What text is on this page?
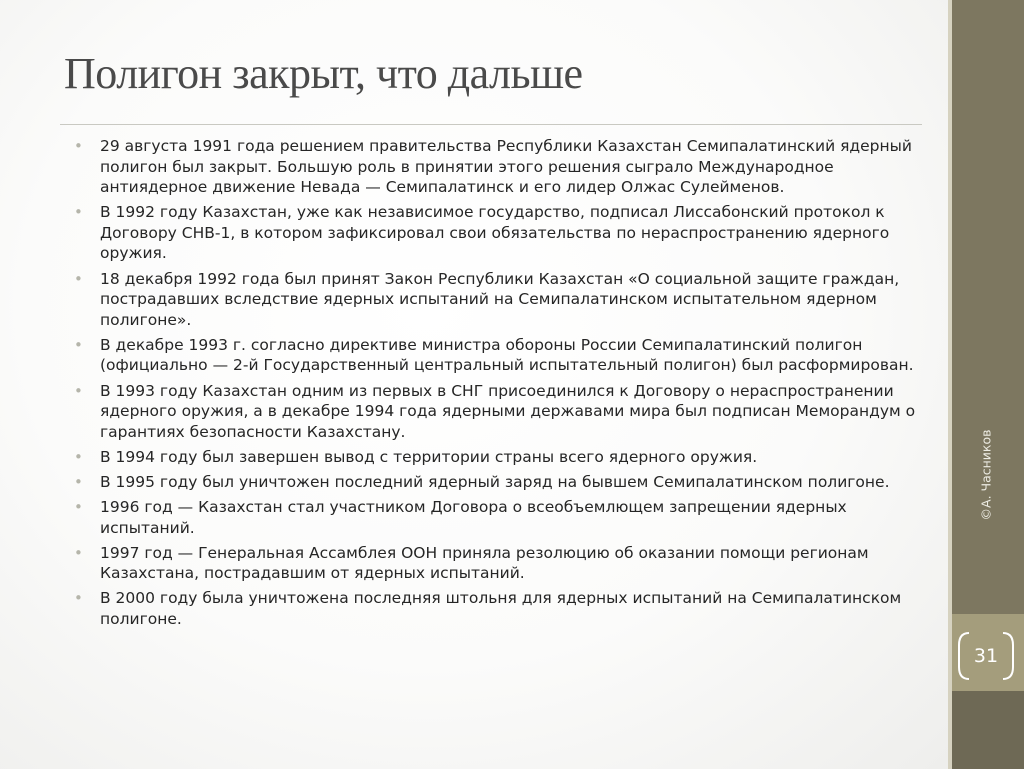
Полигон закрыт, что дальше
• 29 августа 1991 года решением правительства Республики Казахстан Семипалатинский ядерный полигон был закрыт. Большую роль в принятии этого решения сыграло Международное антиядерное движение Невада — Семипалатинск и его лидер Олжас Сулейменов.
• В 1992 году Казахстан, уже как независимое государство, подписал Лиссабонский протокол к Договору СНВ-1, в котором зафиксировал свои обязательства по нераспространению ядерного оружия.
• 18 декабря 1992 года был принят Закон Республики Казахстан «О социальной защите граждан, пострадавших вследствие ядерных испытаний на Семипалатинском испытательном ядерном полигоне».
• В декабре 1993 г. согласно директиве министра обороны России Семипалатинский полигон (официально — 2-й Государственный центральный испытательный полигон) был расформирован.
• В 1993 году Казахстан одним из первых в СНГ присоединился к Договору о нераспространении ядерного оружия, а в декабре 1994 года ядерными державами мира был подписан Меморандум о гарантиях безопасности Казахстану.
• В 1994 году был завершен вывод с территории страны всего ядерного оружия.
• В 1995 году был уничтожен последний ядерный заряд на бывшем Семипалатинском полигоне.
• 1996 год — Казахстан стал участником Договора о всеобъемлющем запрещении ядерных испытаний.
• 1997 год — Генеральная Ассамблея ООН приняла резолюцию об оказании помощи регионам Казахстана, пострадавшим от ядерных испытаний.
• В 2000 году была уничтожена последняя штольня для ядерных испытаний на Семипалатинском полигоне.
©А. Часников
31
